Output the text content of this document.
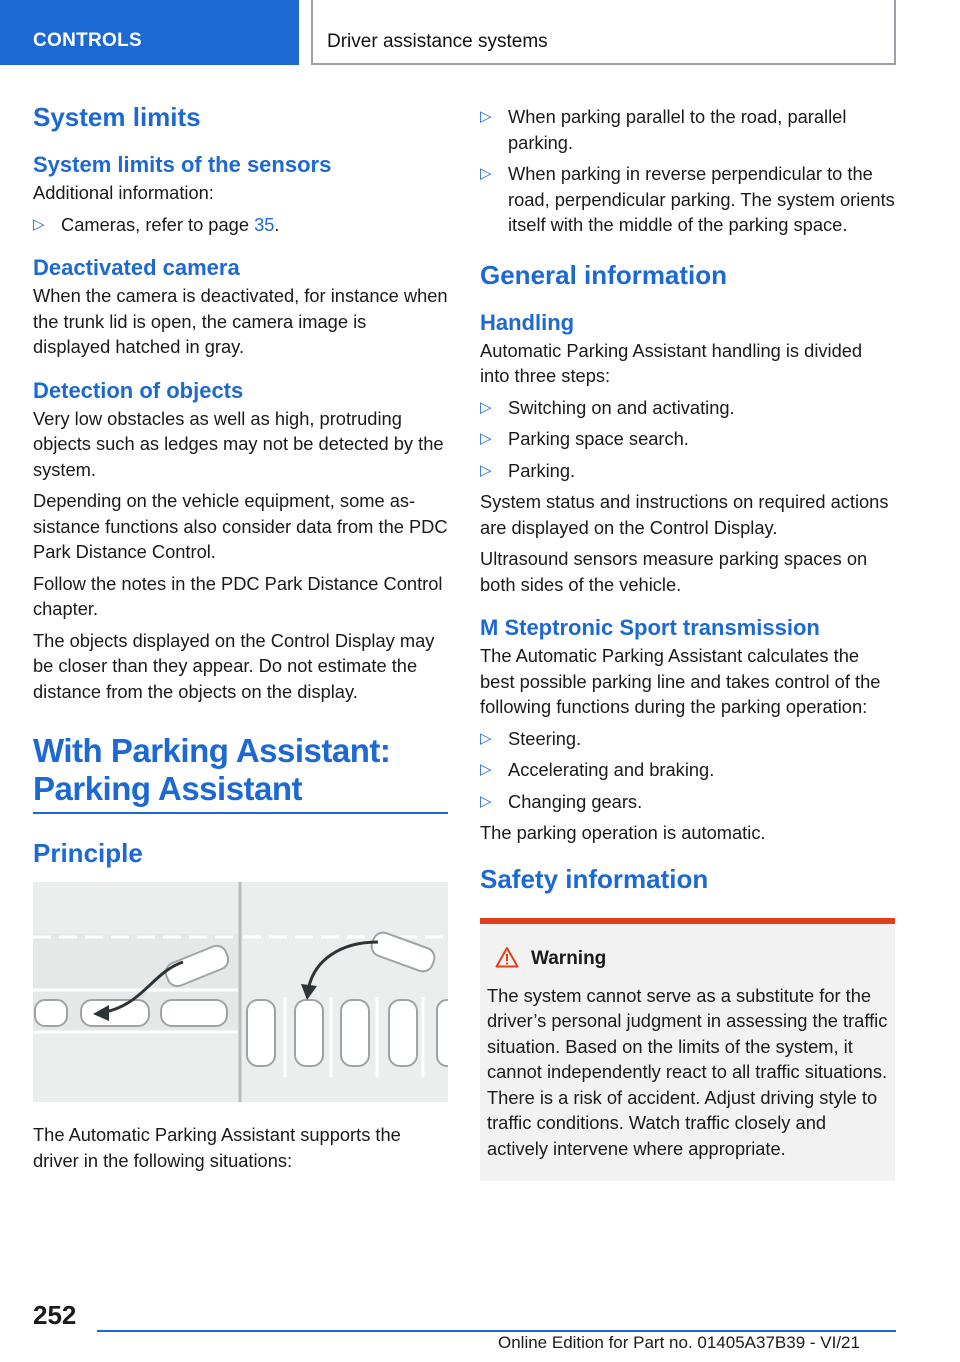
CONTROLS	Driver assistance systems
System limits
System limits of the sensors

Additional information:

▷ Cameras, refer to page 35.
Deactivated camera

When the camera is deactivated, for instance when the trunk lid is open, the camera image is displayed hatched in gray.

Detection of objects

Very low obstacles as well as high, protruding objects such as ledges may not be detected by the system.

Depending on the vehicle equipment, some assistance functions also consider data from the PDC Park Distance Control.

Follow the notes in the PDC Park Distance Control chapter.

The objects displayed on the Control Display may be closer than they appear. Do not estimate the distance from the objects on the display.

With Parking Assistant:
Parking Assistant
Principle

The Automatic Parking Assistant supports the driver in the following situations:

▷ When parking parallel to the road, parallel parking.
▷ When parking in reverse perpendicular to the road, perpendicular parking. The system orients itself with the middle of the parking space.
General information
Handling

Automatic Parking Assistant handling is divided into three steps:

▷ Switching on and activating.
▷ Parking space search.
▷ Parking.

System status and instructions on required actions are displayed on the Control Display.

Ultrasound sensors measure parking spaces on both sides of the vehicle.

M Steptronic Sport transmission

The Automatic Parking Assistant calculates the best possible parking line and takes control of the following functions during the parking operation:

▷ Steering.
▷ Accelerating and braking.
▷ Changing gears.

The parking operation is automatic.

Safety information
Warning

The system cannot serve as a substitute for the driver’s personal judgment in assessing the traffic situation. Based on the limits of the system, it cannot independently react to all traffic situations. There is a risk of accident. Adjust driving style to traffic conditions. Watch traffic closely and actively intervene where appropriate.

252
Online Edition for Part no. 01405A37B39 - VI/21
